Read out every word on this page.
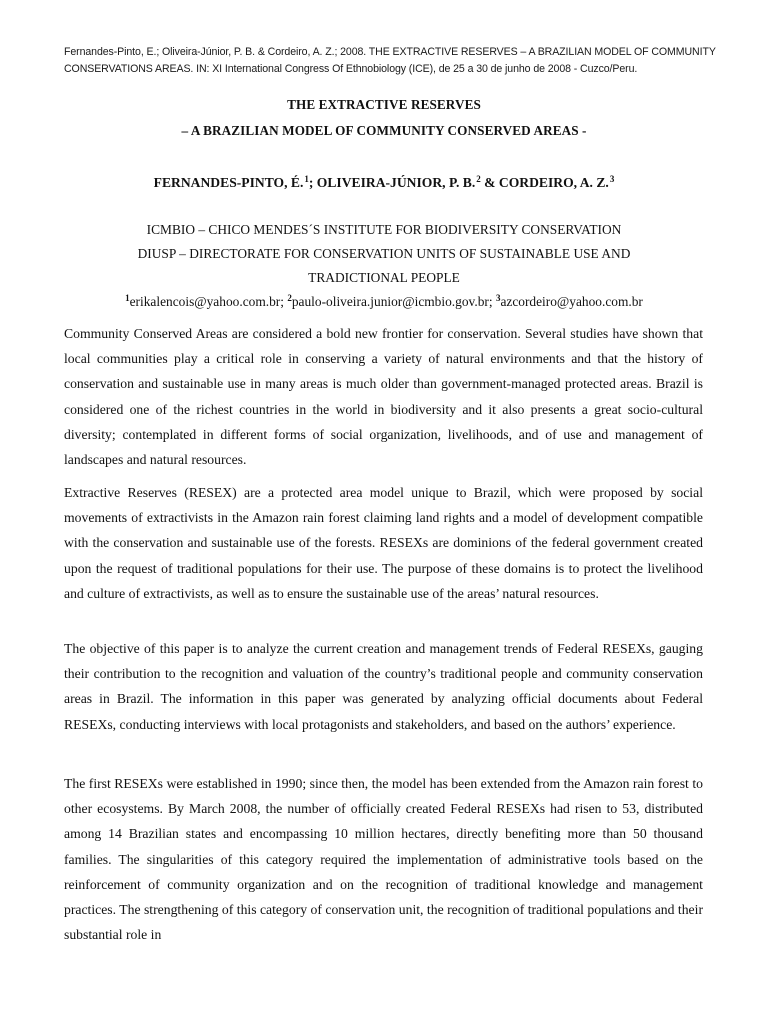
Fernandes-Pinto, E.; Oliveira-Júnior, P. B. & Cordeiro, A. Z.; 2008. THE EXTRACTIVE RESERVES – A BRAZILIAN MODEL OF COMMUNITY CONSERVATIONS AREAS. IN: XI International Congress Of Ethnobiology (ICE), de 25 a 30 de junho de 2008 - Cuzco/Peru.
THE EXTRACTIVE RESERVES
– A BRAZILIAN MODEL OF COMMUNITY CONSERVED AREAS -
FERNANDES-PINTO, É.$^1$; OLIVEIRA-JÚNIOR, P. B.$^2$ & CORDEIRO, A. Z.$^3$
ICMBIO – CHICO MENDES´S INSTITUTE FOR BIODIVERSITY CONSERVATION
DIUSP – DIRECTORATE FOR CONSERVATION UNITS OF SUSTAINABLE USE AND
TRADICTIONAL PEOPLE
$^1$erikalencois@yahoo.com.br; $^2$paulo-oliveira.junior@icmbio.gov.br; $^3$azcordeiro@yahoo.com.br

Community Conserved Areas are considered a bold new frontier for conservation. Several studies have shown that local communities play a critical role in conserving a variety of natural environments and that the history of conservation and sustainable use in many areas is much older than government-managed protected areas. Brazil is considered one of the richest countries in the world in biodiversity and it also presents a great socio-cultural diversity; contemplated in different forms of social organization, livelihoods, and of use and management of landscapes and natural resources.

Extractive Reserves (RESEX) are a protected area model unique to Brazil, which were proposed by social movements of extractivists in the Amazon rain forest claiming land rights and a model of development compatible with the conservation and sustainable use of the forests. RESEXs are dominions of the federal government created upon the request of traditional populations for their use. The purpose of these domains is to protect the livelihood and culture of extractivists, as well as to ensure the sustainable use of the areas’ natural resources.

The objective of this paper is to analyze the current creation and management trends of Federal RESEXs, gauging their contribution to the recognition and valuation of the country’s traditional people and community conservation areas in Brazil. The information in this paper was generated by analyzing official documents about Federal RESEXs, conducting interviews with local protagonists and stakeholders, and based on the authors’ experience.

The first RESEXs were established in 1990; since then, the model has been extended from the Amazon rain forest to other ecosystems. By March 2008, the number of officially created Federal RESEXs had risen to 53, distributed among 14 Brazilian states and encompassing 10 million hectares, directly benefiting more than 50 thousand families. The singularities of this category required the implementation of administrative tools based on the reinforcement of community organization and on the recognition of traditional knowledge and management practices. The strengthening of this category of conservation unit, the recognition of traditional populations and their substantial role in
